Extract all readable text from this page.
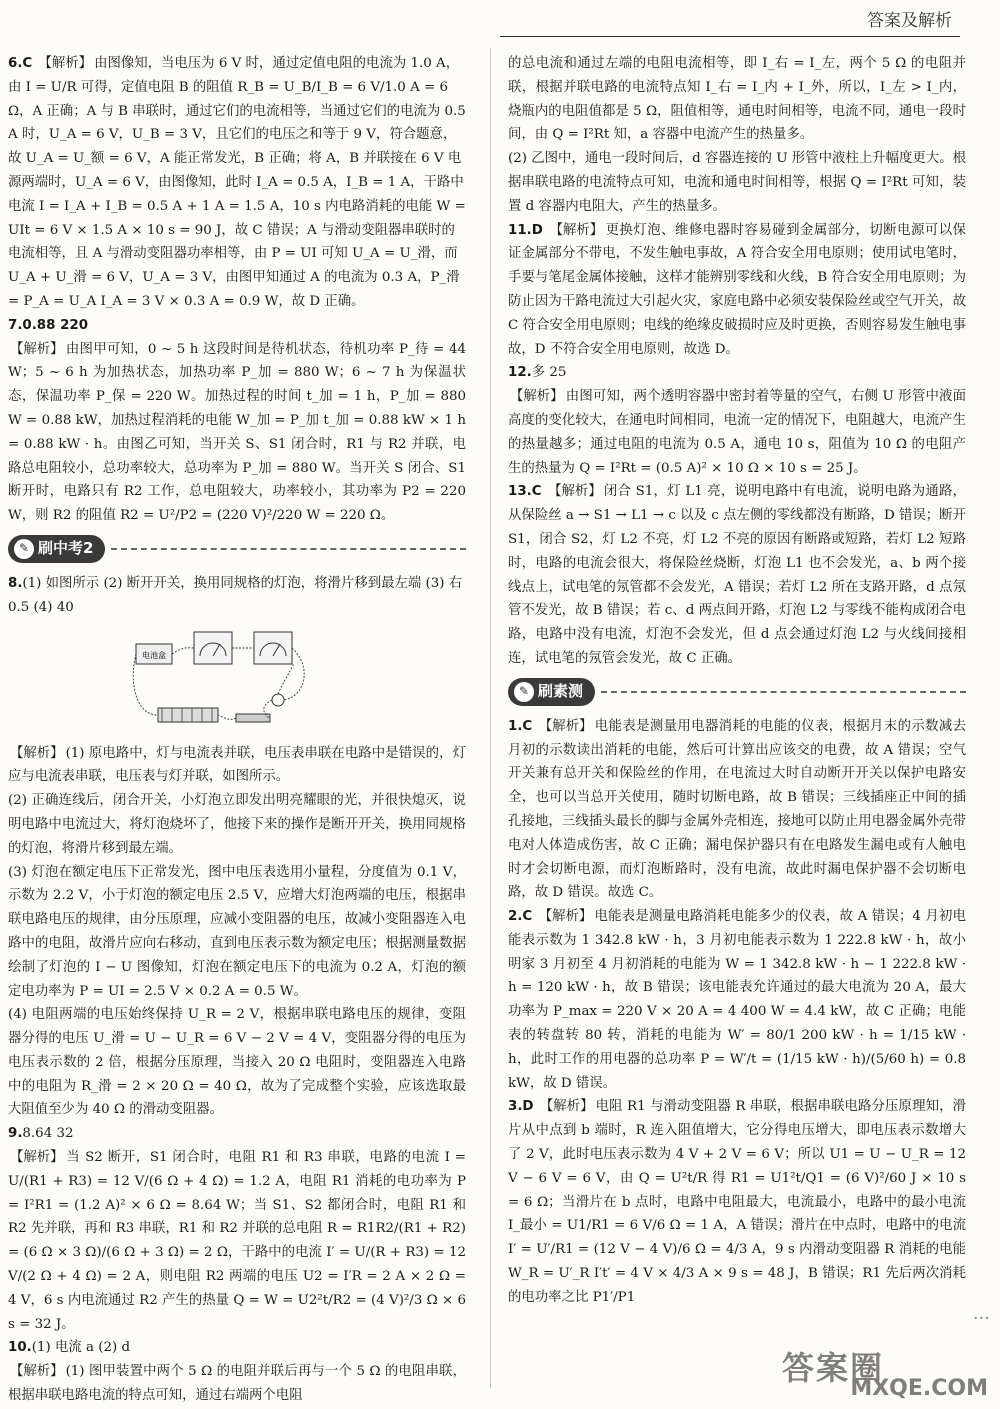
答案及解析

6.C 【解析】 由图像知，当电压为 6 V 时，通过定值电阻的电流为 1.0 A，由 I = U/R 可得，定值电阻 B 的阻值 R_B = U_B/I_B = 6 V/1.0 A = 6 Ω，A 正确；A 与 B 串联时，通过它们的电流相等，当通过它们的电流为 0.5 A 时，U_A = 6 V，U_B = 3 V，且它们的电压之和等于 9 V，符合题意，故 U_A = U_额 = 6 V，A 能正常发光，B 正确；将 A，B 并联接在 6 V 电源两端时，U_A = 6 V，由图像知，此时 I_A = 0.5 A，I_B = 1 A，干路中电流 I = I_A + I_B = 0.5 A + 1 A = 1.5 A，10 s 内电路消耗的电能 W = UIt = 6 V × 1.5 A × 10 s = 90 J，故 C 错误；A 与滑动变阻器串联时的电流相等，且 A 与滑动变阻器功率相等，由 P = UI 可知 U_A = U_滑，而 U_A + U_滑 = 6 V，U_A = 3 V，由图甲知通过 A 的电流为 0.3 A，P_滑 = P_A = U_A I_A = 3 V × 0.3 A = 0.9 W，故 D 正确。

7.0.88 220

【解析】 由图甲可知，0 ~ 5 h 这段时间是待机状态，待机功率 P_待 = 44 W；5 ~ 6 h 为加热状态，加热功率 P_加 = 880 W；6 ~ 7 h 为保温状态，保温功率 P_保 = 220 W。加热过程的时间 t_加 = 1 h，P_加 = 880 W = 0.88 kW，加热过程消耗的电能 W_加 = P_加 t_加 = 0.88 kW × 1 h = 0.88 kW · h。由图乙可知，当开关 S、S1 闭合时，R1 与 R2 并联，电路总电阻较小，总功率较大，总功率为 P_加 = 880 W。当开关 S 闭合、S1 断开时，电路只有 R2 工作，总电阻较大，功率较小，其功率为 P2 = 220 W，则 R2 的阻值 R2 = U²/P2 = (220 V)²/220 W = 220 Ω。

✎ 刷中考2

8.(1) 如图所示 (2) 断开开关，换用同规格的灯泡，将滑片移到最左端 (3) 右 0.5 (4) 40

电池盒

【解析】 (1) 原电路中，灯与电流表并联，电压表串联在电路中是错误的，灯应与电流表串联，电压表与灯并联，如图所示。

(2) 正确连线后，闭合开关，小灯泡立即发出明亮耀眼的光，并很快熄灭，说明电路中电流过大，将灯泡烧坏了，他接下来的操作是断开开关，换用同规格的灯泡，将滑片移到最左端。

(3) 灯泡在额定电压下正常发光，图中电压表选用小量程，分度值为 0.1 V，示数为 2.2 V，小于灯泡的额定电压 2.5 V，应增大灯泡两端的电压，根据串联电路电压的规律，由分压原理，应减小变阻器的电压，故减小变阻器连入电路中的电阻，故滑片应向右移动，直到电压表示数为额定电压；根据测量数据绘制了灯泡的 I − U 图像知，灯泡在额定电压下的电流为 0.2 A，灯泡的额定电功率为 P = UI = 2.5 V × 0.2 A = 0.5 W。

(4) 电阻两端的电压始终保持 U_R = 2 V，根据串联电路电压的规律，变阻器分得的电压 U_滑 = U − U_R = 6 V − 2 V = 4 V，变阻器分得的电压为电压表示数的 2 倍，根据分压原理，当接入 20 Ω 电阻时，变阻器连入电路中的电阻为 R_滑 = 2 × 20 Ω = 40 Ω，故为了完成整个实验，应该选取最大阻值至少为 40 Ω 的滑动变阻器。

9.8.64 32

【解析】 当 S2 断开，S1 闭合时，电阻 R1 和 R3 串联，电路的电流 I = U/(R1 + R3) = 12 V/(6 Ω + 4 Ω) = 1.2 A，电阻 R1 消耗的电功率为 P = I²R1 = (1.2 A)² × 6 Ω = 8.64 W；当 S1、S2 都闭合时，电阻 R1 和 R2 先并联，再和 R3 串联，R1 和 R2 并联的总电阻 R = R1R2/(R1 + R2) = (6 Ω × 3 Ω)/(6 Ω + 3 Ω) = 2 Ω，干路中的电流 I′ = U/(R + R3) = 12 V/(2 Ω + 4 Ω) = 2 A，则电阻 R2 两端的电压 U2 = I′R = 2 A × 2 Ω = 4 V，6 s 内电流通过 R2 产生的热量 Q = W = U2²t/R2 = (4 V)²/3 Ω × 6 s = 32 J。

10.(1) 电流 a (2) d

【解析】 (1) 图甲装置中两个 5 Ω 的电阻并联后再与一个 5 Ω 的电阻串联，根据串联电路电流的特点可知，通过右端两个电阻

的总电流和通过左端的电阻电流相等，即 I_右 = I_左，两个 5 Ω 的电阻并联，根据并联电路的电流特点知 I_右 = I_内 + I_外，所以，I_左 > I_内，烧瓶内的电阻值都是 5 Ω，阻值相等，通电时间相等，电流不同，通电一段时间，由 Q = I²Rt 知，a 容器中电流产生的热量多。

(2) 乙图中，通电一段时间后，d 容器连接的 U 形管中液柱上升幅度更大。根据串联电路的电流特点可知，电流和通电时间相等，根据 Q = I²Rt 可知，装置 d 容器内电阻大，产生的热量多。

11.D 【解析】 更换灯泡、维修电器时容易碰到金属部分，切断电源可以保证金属部分不带电，不发生触电事故，A 符合安全用电原则；使用试电笔时，手要与笔尾金属体接触，这样才能辨别零线和火线，B 符合安全用电原则；为防止因为干路电流过大引起火灾，家庭电路中必须安装保险丝或空气开关，故 C 符合安全用电原则；电线的绝缘皮破损时应及时更换，否则容易发生触电事故，D 不符合安全用电原则，故选 D。

12.多 25
【解析】 由图可知，两个透明容器中密封着等量的空气，右侧 U 形管中液面高度的变化较大，在通电时间相同，电流一定的情况下，电阻越大，电流产生的热量越多；通过电阻的电流为 0.5 A，通电 10 s，阻值为 10 Ω 的电阻产生的热量为 Q = I²Rt = (0.5 A)² × 10 Ω × 10 s = 25 J。

13.C 【解析】 闭合 S1，灯 L1 亮，说明电路中有电流，说明电路为通路，从保险丝 a → S1 → L1 → c 以及 c 点左侧的零线都没有断路，D 错误；断开 S1，闭合 S2，灯 L2 不亮，灯 L2 不亮的原因有断路或短路，若灯 L2 短路时，电路的电流会很大，将保险丝烧断，灯泡 L1 也不会发光，a、b 两个接线点上，试电笔的氖管都不会发光，A 错误；若灯 L2 所在支路开路，d 点氖管不发光，故 B 错误；若 c、d 两点间开路，灯泡 L2 与零线不能构成闭合电路，电路中没有电流，灯泡不会发光，但 d 点会通过灯泡 L2 与火线间接相连，试电笔的氖管会发光，故 C 正确。

✎ 刷素测

1.C 【解析】 电能表是测量用电器消耗的电能的仪表，根据月末的示数减去月初的示数读出消耗的电能，然后可计算出应该交的电费，故 A 错误；空气开关兼有总开关和保险丝的作用，在电流过大时自动断开开关以保护电路安全，也可以当总开关使用，随时切断电路，故 B 错误；三线插座正中间的插孔接地，三线插头最长的脚与金属外壳相连，接地可以防止用电器金属外壳带电对人体造成伤害，故 C 正确；漏电保护器只有在电路发生漏电或有人触电时才会切断电源，而灯泡断路时，没有电流，故此时漏电保护器不会切断电路，故 D 错误。故选 C。

2.C 【解析】 电能表是测量电路消耗电能多少的仪表，故 A 错误；4 月初电能表示数为 1 342.8 kW · h，3 月初电能表示数为 1 222.8 kW · h，故小明家 3 月初至 4 月初消耗的电能为 W = 1 342.8 kW · h − 1 222.8 kW · h = 120 kW · h，故 B 错误；该电能表允许通过的最大电流为 20 A，最大功率为 P_max = 220 V × 20 A = 4 400 W = 4.4 kW，故 C 正确；电能表的转盘转 80 转，消耗的电能为 W′ = 80/1 200 kW · h = 1/15 kW · h，此时工作的用电器的总功率 P = W′/t = (1/15 kW · h)/(5/60 h) = 0.8 kW，故 D 错误。

3.D 【解析】 电阻 R1 与滑动变阻器 R 串联，根据串联电路分压原理知，滑片从中点到 b 端时，R 连入阻值增大，它分得电压增大，即电压表示数增大了 2 V，此时电压表示数为 4 V + 2 V = 6 V；所以 U1 = U − U_R = 12 V − 6 V = 6 V，由 Q = U²t/R 得 R1 = U1²t/Q1 = (6 V)²/60 J × 10 s = 6 Ω；当滑片在 b 点时，电路中电阻最大，电流最小，电路中的最小电流 I_最小 = U1/R1 = 6 V/6 Ω = 1 A，A 错误；滑片在中点时，电路中的电流 I′ = U′/R1 = (12 V − 4 V)/6 Ω = 4/3 A，9 s 内滑动变阻器 R 消耗的电能 W_R = U′_R I′t′ = 4 V × 4/3 A × 9 s = 48 J，B 错误；R1 先后两次消耗的电功率之比 P1′/P1

···
答案圈
MXQE.COM
